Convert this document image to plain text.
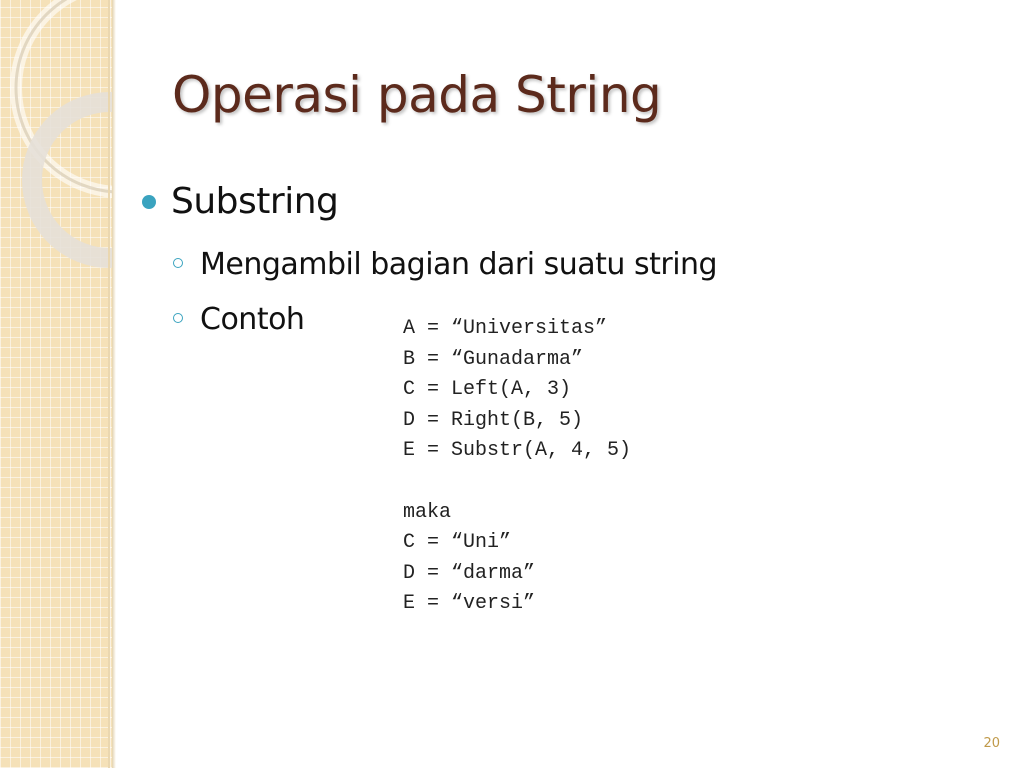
Operasi pada String
Substring
Mengambil bagian dari suatu string
Contoh	A = “Universitas”
B = “Gunadarma”
C = Left(A, 3)
D = Right(B, 5)
E = Substr(A, 4, 5)
maka
C = “Uni”
D = “darma”
E = “versi”
20
